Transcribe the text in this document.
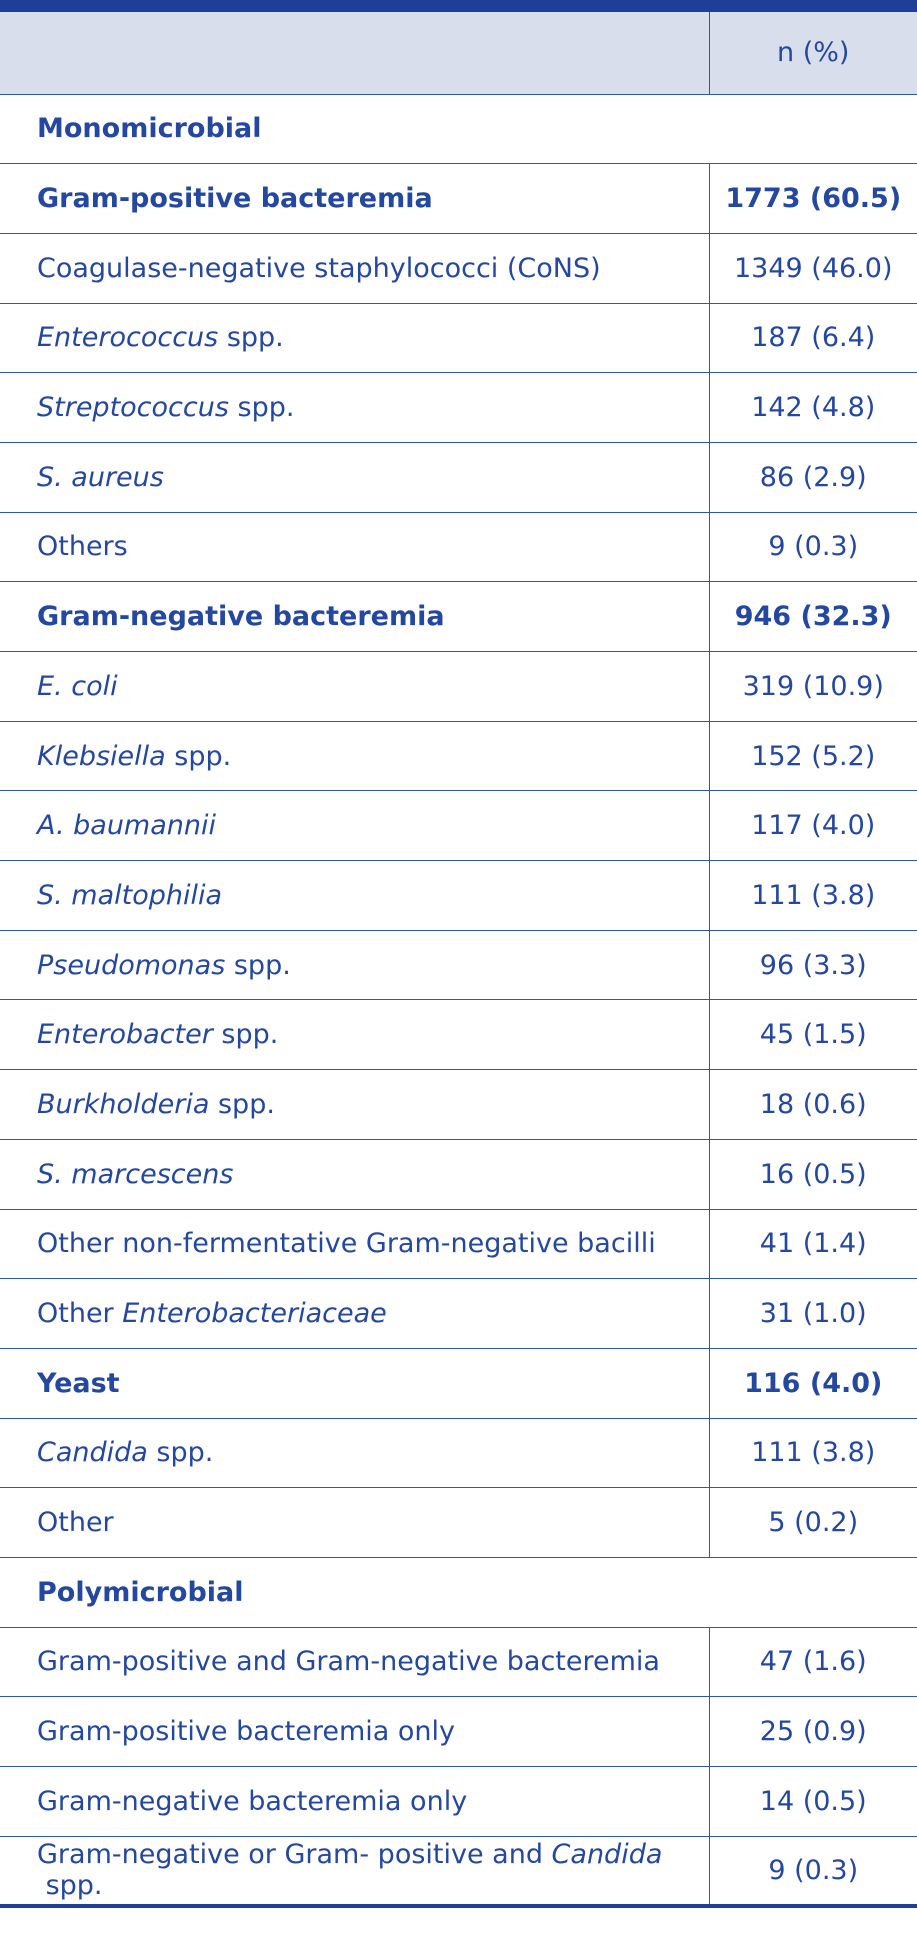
	n (%)
Monomicrobial	
Gram-positive bacteremia	1773 (60.5)
Coagulase-negative staphylococci (CoNS)	1349 (46.0)
Enterococcus spp.	187 (6.4)
Streptococcus spp.	142 (4.8)
S. aureus	86 (2.9)
Others	9 (0.3)
Gram-negative bacteremia	946 (32.3)
E. coli	319 (10.9)
Klebsiella spp.	152 (5.2)
A. baumannii	117 (4.0)
S. maltophilia	111 (3.8)
Pseudomonas spp.	96 (3.3)
Enterobacter spp.	45 (1.5)
Burkholderia spp.	18 (0.6)
S. marcescens	16 (0.5)
Other non-fermentative Gram-negative bacilli	41 (1.4)
Other Enterobacteriaceae	31 (1.0)
Yeast	116 (4.0)
Candida spp.	111 (3.8)
Other	5 (0.2)
Polymicrobial	
Gram-positive and Gram-negative bacteremia	47 (1.6)
Gram-positive bacteremia only	25 (0.9)
Gram-negative bacteremia only	14 (0.5)
Gram-negative or Gram- positive and Candida spp.	9 (0.3)
